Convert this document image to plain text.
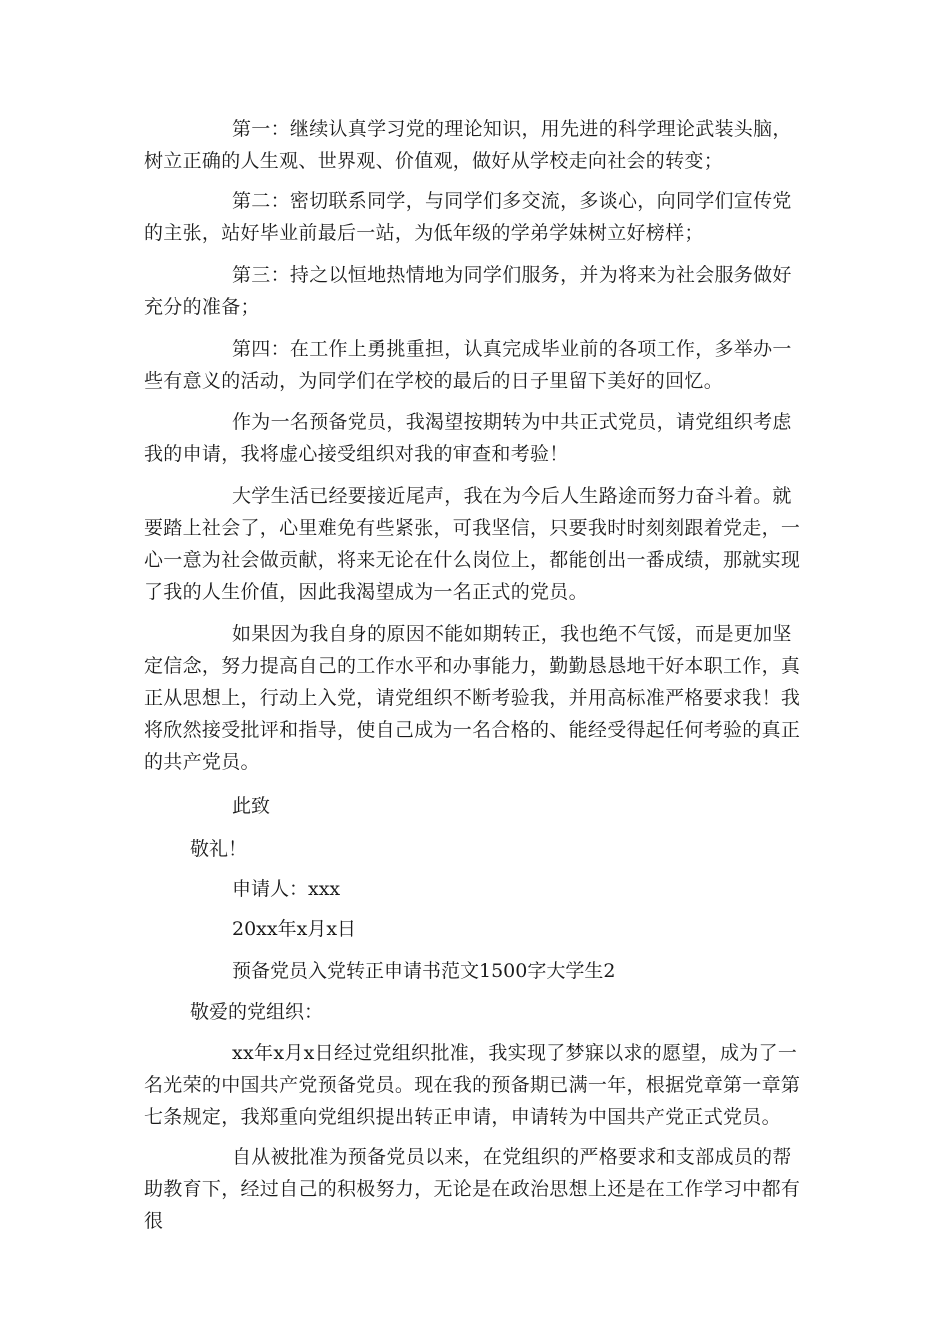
第一：继续认真学习党的理论知识，用先进的科学理论武装头脑，树立正确的人生观、世界观、价值观，做好从学校走向社会的转变；

第二：密切联系同学，与同学们多交流，多谈心，向同学们宣传党的主张，站好毕业前最后一站，为低年级的学弟学妹树立好榜样；

第三：持之以恒地热情地为同学们服务，并为将来为社会服务做好充分的准备；

第四：在工作上勇挑重担，认真完成毕业前的各项工作，多举办一些有意义的活动，为同学们在学校的最后的日子里留下美好的回忆。

作为一名预备党员，我渴望按期转为中共正式党员，请党组织考虑我的申请，我将虚心接受组织对我的审查和考验！

大学生活已经要接近尾声，我在为今后人生路途而努力奋斗着。就要踏上社会了，心里难免有些紧张，可我坚信，只要我时时刻刻跟着党走，一心一意为社会做贡献，将来无论在什么岗位上，都能创出一番成绩，那就实现了我的人生价值，因此我渴望成为一名正式的党员。

如果因为我自身的原因不能如期转正，我也绝不气馁，而是更加坚定信念，努力提高自己的工作水平和办事能力，勤勤恳恳地干好本职工作，真正从思想上，行动上入党，请党组织不断考验我，并用高标准严格要求我！我将欣然接受批评和指导，使自己成为一名合格的、能经受得起任何考验的真正的共产党员。

此致
敬礼！
申请人：xxx
20xx年x月x日
预备党员入党转正申请书范文1500字大学生2
敬爱的党组织：

xx年x月x日经过党组织批准，我实现了梦寐以求的愿望，成为了一名光荣的中国共产党预备党员。现在我的预备期已满一年，根据党章第一章第七条规定，我郑重向党组织提出转正申请，申请转为中国共产党正式党员。

自从被批准为预备党员以来，在党组织的严格要求和支部成员的帮助教育下，经过自己的积极努力，无论是在政治思想上还是在工作学习中都有很
